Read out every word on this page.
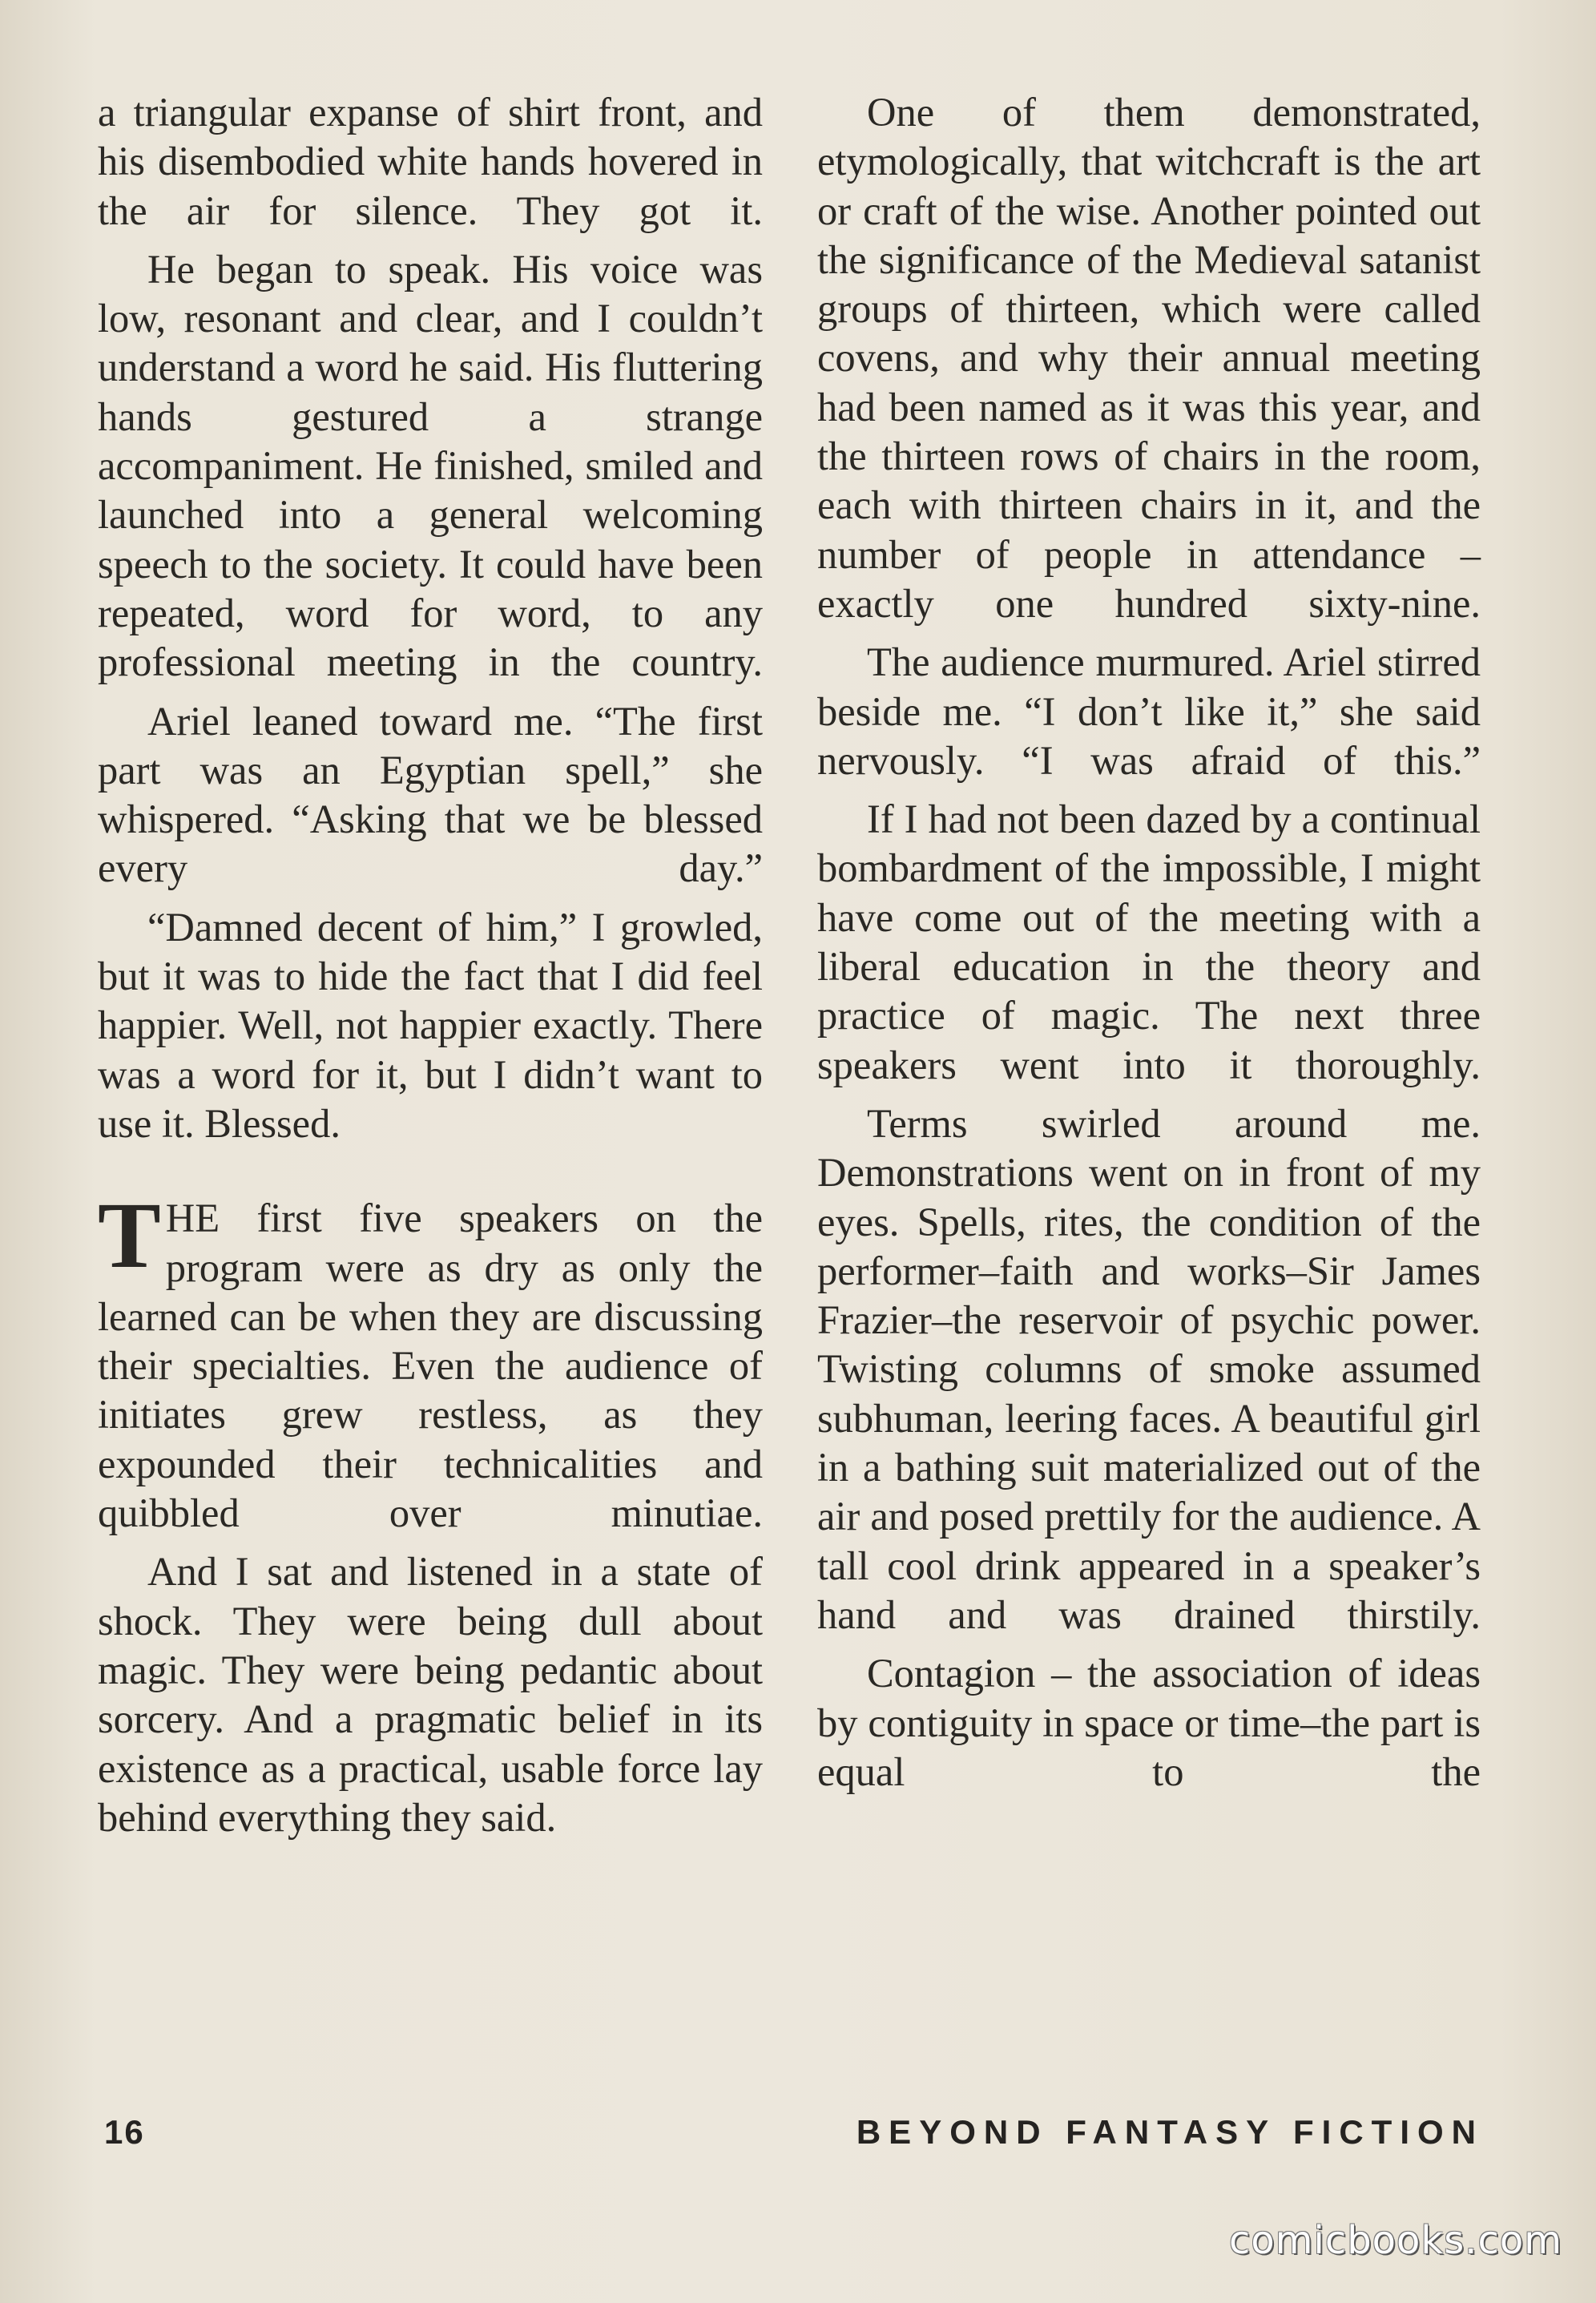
a triangular expanse of shirt front, and his disembodied white hands hovered in the air for silence. They got it.

He began to speak. His voice was low, resonant and clear, and I couldn’t understand a word he said. His fluttering hands gestured a strange accompaniment. He finished, smiled and launched into a general welcoming speech to the society. It could have been repeated, word for word, to any professional meeting in the country.

Ariel leaned toward me. “The first part was an Egyptian spell,” she whispered. “Asking that we be blessed every day.”

“Damned decent of him,” I growled, but it was to hide the fact that I did feel happier. Well, not happier exactly. There was a word for it, but I didn’t want to use it. Blessed.

THE first five speakers on the program were as dry as only the learned can be when they are discussing their specialties. Even the audience of initiates grew restless, as they expounded their technicalities and quibbled over minutiae.

And I sat and listened in a state of shock. They were being dull about magic. They were being pedantic about sorcery. And a pragmatic belief in its existence as a practical, usable force lay behind everything they said.

One of them demonstrated, etymologically, that witchcraft is the art or craft of the wise. Another pointed out the significance of the Medieval satanist groups of thirteen, which were called covens, and why their annual meeting had been named as it was this year, and the thirteen rows of chairs in the room, each with thirteen chairs in it, and the number of people in attendance – exactly one hundred sixty-nine.

The audience murmured. Ariel stirred beside me. “I don’t like it,” she said nervously. “I was afraid of this.”

If I had not been dazed by a continual bombardment of the impossible, I might have come out of the meeting with a liberal education in the theory and practice of magic. The next three speakers went into it thoroughly.

Terms swirled around me. Demonstrations went on in front of my eyes. Spells, rites, the condition of the performer–faith and works–Sir James Frazier–the reservoir of psychic power. Twisting columns of smoke assumed subhuman, leering faces. A beautiful girl in a bathing suit materialized out of the air and posed prettily for the audience. A tall cool drink appeared in a speaker’s hand and was drained thirstily.

Contagion – the association of ideas by contiguity in space or time–the part is equal to the

16	BEYOND FANTASY FICTION
comicbooks.com
